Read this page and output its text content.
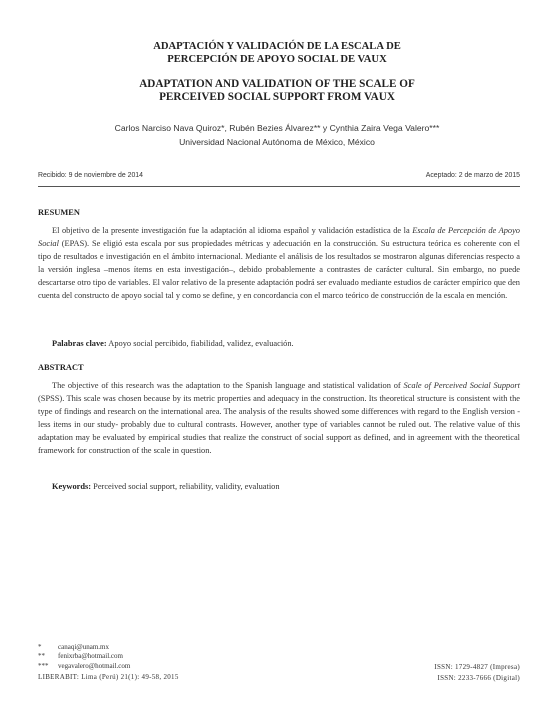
ADAPTACIÓN Y VALIDACIÓN DE LA ESCALA DE
PERCEPCIÓN DE APOYO SOCIAL DE VAUX
ADAPTATION AND VALIDATION OF THE SCALE OF
PERCEIVED SOCIAL SUPPORT FROM VAUX
Carlos Narciso Nava Quiroz*, Rubén Bezies Álvarez** y Cynthia Zaira Vega Valero***
Universidad Nacional Autónoma de México, México
Recibido: 9 de noviembre de 2014	Aceptado: 2 de marzo de 2015
RESUMEN
El objetivo de la presente investigación fue la adaptación al idioma español y validación estadística de la Escala de Percepción de Apoyo Social (EPAS). Se eligió esta escala por sus propiedades métricas y adecuación en la construcción. Su estructura teórica es coherente con el tipo de resultados e investigación en el ámbito internacional. Mediante el análisis de los resultados se mostraron algunas diferencias respecto a la versión inglesa –menos ítems en esta investigación–, debido probablemente a contrastes de carácter cultural. Sin embargo, no puede descartarse otro tipo de variables. El valor relativo de la presente adaptación podrá ser evaluado mediante estudios de carácter empírico que den cuenta del constructo de apoyo social tal y como se define, y en concordancia con el marco teórico de construcción de la escala en mención.
Palabras clave: Apoyo social percibido, fiabilidad, validez, evaluación.
ABSTRACT
The objective of this research was the adaptation to the Spanish language and statistical validation of Scale of Perceived Social Support (SPSS). This scale was chosen because by its metric properties and adequacy in the construction. Its theoretical structure is consistent with the type of findings and research on the international area. The analysis of the results showed some differences with regard to the English version -less items in our study- probably due to cultural contrasts. However, another type of variables cannot be ruled out. The relative value of this adaptation may be evaluated by empirical studies that realize the construct of social support as defined, and in agreement with the theoretical framework for construction of the scale in question.
Keywords: Perceived social support, reliability, validity, evaluation
* canaqi@unam.mx
** fenixrba@hotmail.com
*** vegavalero@hotmail.com
LIBERABIT: Lima (Perú) 21(1): 49-58, 2015
ISSN: 1729-4827 (Impresa)
ISSN: 2233-7666 (Digital)
